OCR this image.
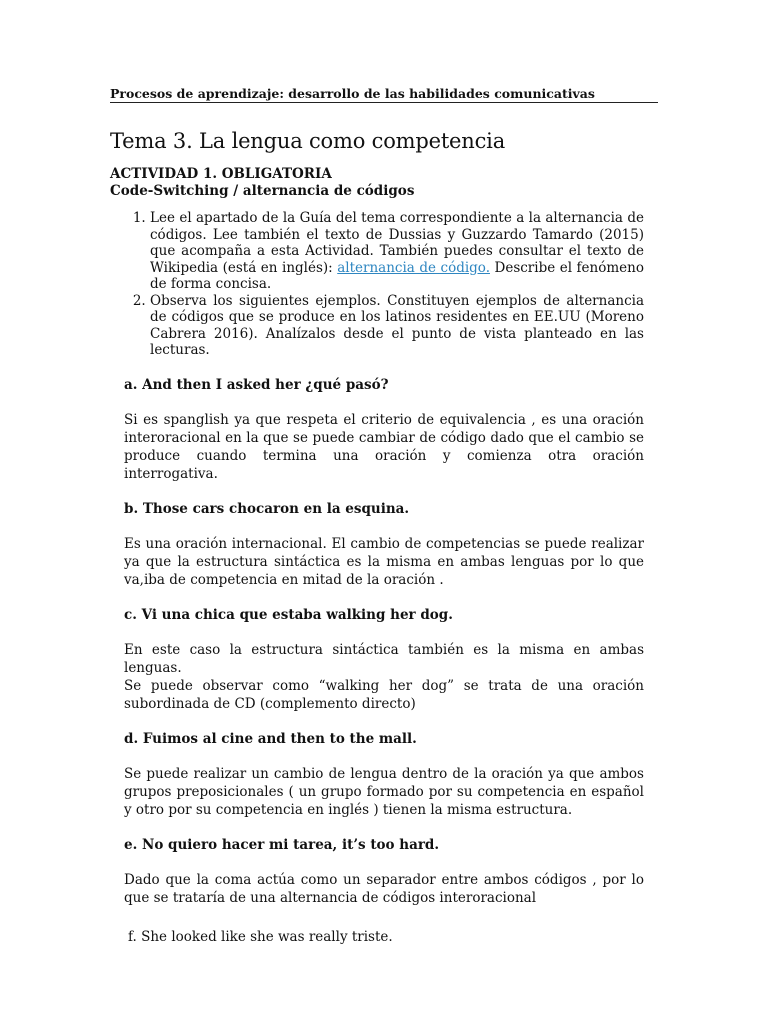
Procesos de aprendizaje: desarrollo de las habilidades comunicativas
Tema 3. La lengua como competencia
ACTIVIDAD 1. OBLIGATORIA
Code-Switching / alternancia de códigos
1. Lee el apartado de la Guía del tema correspondiente a la alternancia de códigos. Lee también el texto de Dussias y Guzzardo Tamardo (2015) que acompaña a esta Actividad. También puedes consultar el texto de Wikipedia (está en inglés): alternancia de código. Describe el fenómeno de forma concisa.
2. Observa los siguientes ejemplos. Constituyen ejemplos de alternancia de códigos que se produce en los latinos residentes en EE.UU (Moreno Cabrera 2016). Analízalos desde el punto de vista planteado en las lecturas.

a. And then I asked her ¿qué pasó?

Si es spanglish ya que respeta el criterio de equivalencia , es una oración interoracional en la que se puede cambiar de código dado que el cambio se produce cuando termina una oración y comienza otra oración interrogativa.

b. Those cars chocaron en la esquina.

Es una oración internacional. El cambio de competencias se puede realizar ya que la estructura sintáctica es la misma en ambas lenguas por lo que va,iba de competencia en mitad de la oración .

c. Vi una chica que estaba walking her dog.

En este caso la estructura sintáctica también es la misma en ambas lenguas.
Se puede observar como “walking her dog” se trata de una oración subordinada de CD (complemento directo)

d. Fuimos al cine and then to the mall.

Se puede realizar un cambio de lengua dentro de la oración ya que ambos grupos preposicionales ( un grupo formado por su competencia en español y otro por su competencia en inglés ) tienen la misma estructura.

e. No quiero hacer mi tarea, it’s too hard.

Dado que la coma actúa como un separador entre ambos códigos , por lo que se trataría de una alternancia de códigos interoracional

f. She looked like she was really triste.
